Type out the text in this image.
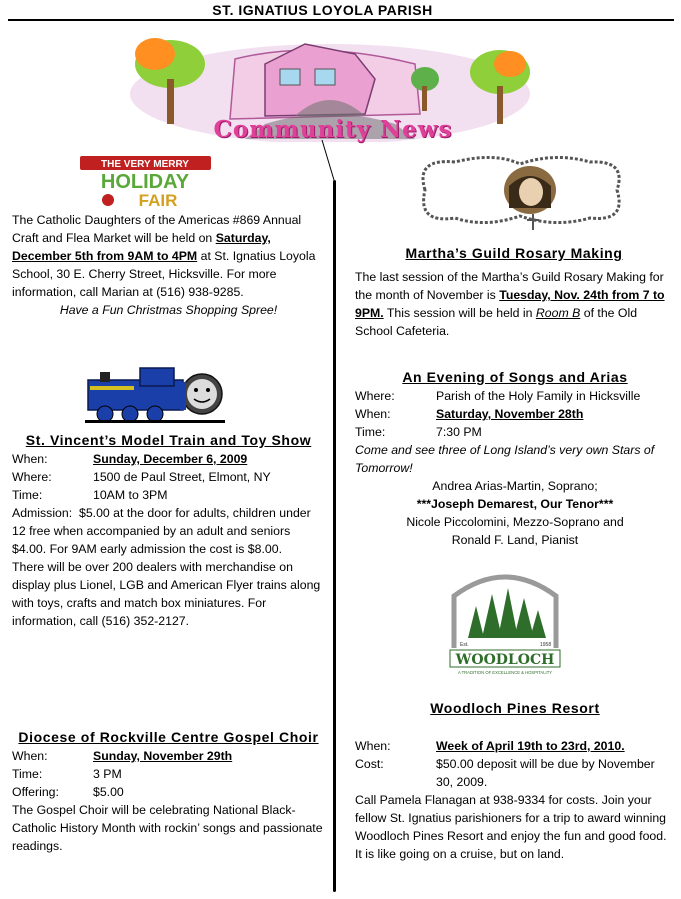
ST. IGNATIUS LOYOLA PARISH
Community News
THE VERY MERRY
HOLIDAY
FAIR
The Catholic Daughters of the Americas #869 Annual Craft and Flea Market will be held on Saturday, December 5th from 9AM to 4PM at St. Ignatius Loyola School, 30 E. Cherry Street, Hicksville. For more information, call Marian at (516) 938-9285.
Have a Fun Christmas Shopping Spree!
St. Vincent’s Model Train and Toy Show
When:	Sunday, December 6, 2009
Where:	1500 de Paul Street, Elmont, NY
Time:	10AM to 3PM
Admission: $5.00 at the door for adults, children under 12 free when accompanied by an adult and seniors $4.00. For 9AM early admission the cost is $8.00.
There will be over 200 dealers with merchandise on display plus Lionel, LGB and American Flyer trains along with toys, crafts and match box miniatures. For information, call (516) 352-2127.
Diocese of Rockville Centre Gospel Choir
When:	Sunday, November 29th
Time:	3 PM
Offering:	$5.00
The Gospel Choir will be celebrating National Black-Catholic History Month with rockin’ songs and passionate readings.
Martha’s Guild Rosary Making
The last session of the Martha’s Guild Rosary Making for the month of November is Tuesday, Nov. 24th from 7 to 9PM. This session will be held in Room B of the Old School Cafeteria.
An Evening of Songs and Arias
Where:	Parish of the Holy Family in Hicksville
When:	Saturday, November 28th
Time:	7:30 PM
Come and see three of Long Island’s very own Stars of Tomorrow!
Andrea Arias-Martin, Soprano;
***Joseph Demarest, Our Tenor***
Nicole Piccolomini, Mezzo-Soprano and
Ronald F. Land, Pianist
Est.	1958
WOODLOCH
A TRADITION OF EXCELLENCE & HOSPITALITY
Woodloch Pines Resort
When:	Week of April 19th to 23rd, 2010.
Cost:	$50.00 deposit will be due by November 30, 2009.
Call Pamela Flanagan at 938-9334 for costs. Join your fellow St. Ignatius parishioners for a trip to award winning Woodloch Pines Resort and enjoy the fun and good food. It is like going on a cruise, but on land.
